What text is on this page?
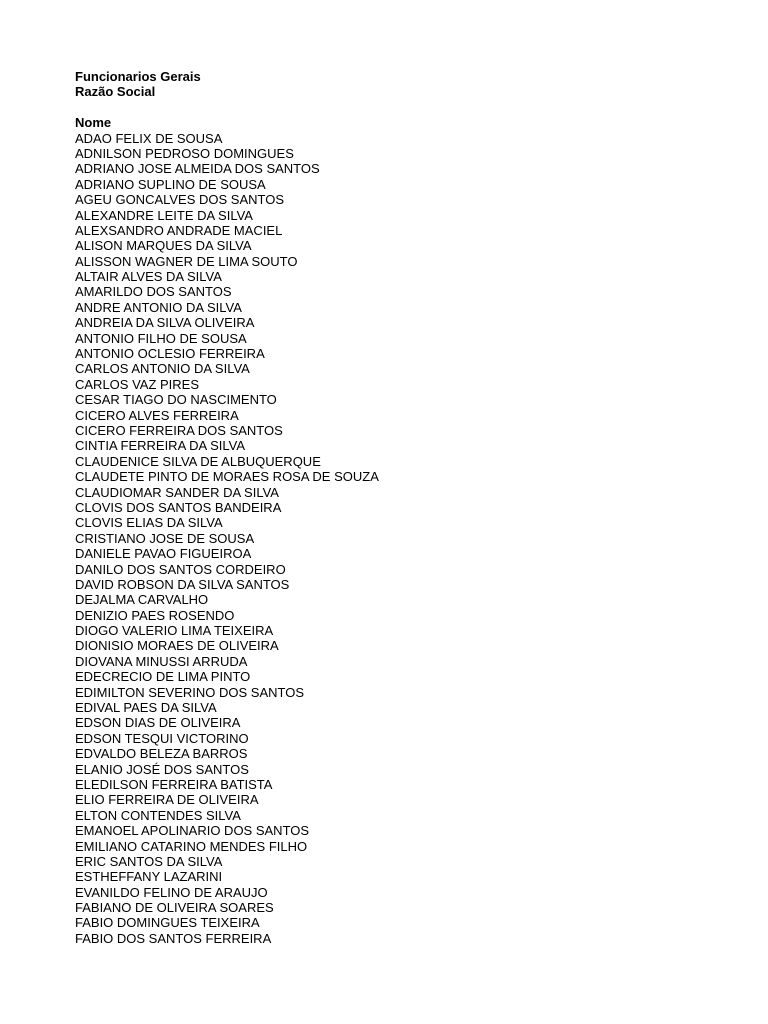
Funcionarios Gerais
Razão Social
Nome
ADAO FELIX DE SOUSA
ADNILSON PEDROSO DOMINGUES
ADRIANO JOSE ALMEIDA DOS SANTOS
ADRIANO SUPLINO DE SOUSA
AGEU GONCALVES DOS SANTOS
ALEXANDRE LEITE DA SILVA
ALEXSANDRO ANDRADE MACIEL
ALISON MARQUES DA SILVA
ALISSON WAGNER DE LIMA SOUTO
ALTAIR ALVES DA SILVA
AMARILDO DOS SANTOS
ANDRE ANTONIO DA SILVA
ANDREIA DA SILVA OLIVEIRA
ANTONIO FILHO DE SOUSA
ANTONIO OCLESIO FERREIRA
CARLOS ANTONIO DA SILVA
CARLOS VAZ PIRES
CESAR TIAGO DO NASCIMENTO
CICERO ALVES FERREIRA
CICERO FERREIRA DOS SANTOS
CINTIA FERREIRA DA SILVA
CLAUDENICE SILVA DE ALBUQUERQUE
CLAUDETE PINTO DE MORAES ROSA DE SOUZA
CLAUDIOMAR SANDER DA SILVA
CLOVIS DOS SANTOS BANDEIRA
CLOVIS ELIAS DA SILVA
CRISTIANO JOSE DE SOUSA
DANIELE PAVAO FIGUEIROA
DANILO DOS SANTOS CORDEIRO
DAVID ROBSON DA SILVA SANTOS
DEJALMA CARVALHO
DENIZIO PAES ROSENDO
DIOGO VALERIO LIMA TEIXEIRA
DIONISIO MORAES DE OLIVEIRA
DIOVANA MINUSSI ARRUDA
EDECRECIO DE LIMA PINTO
EDIMILTON SEVERINO DOS SANTOS
EDIVAL PAES DA SILVA
EDSON DIAS DE OLIVEIRA
EDSON TESQUI VICTORINO
EDVALDO BELEZA BARROS
ELANIO JOSÉ DOS SANTOS
ELEDILSON FERREIRA BATISTA
ELIO FERREIRA DE OLIVEIRA
ELTON CONTENDES SILVA
EMANOEL APOLINARIO DOS SANTOS
EMILIANO CATARINO MENDES FILHO
ERIC SANTOS DA SILVA
ESTHEFFANY LAZARINI
EVANILDO FELINO DE ARAUJO
FABIANO DE OLIVEIRA SOARES
FABIO DOMINGUES TEIXEIRA
FABIO DOS SANTOS FERREIRA
